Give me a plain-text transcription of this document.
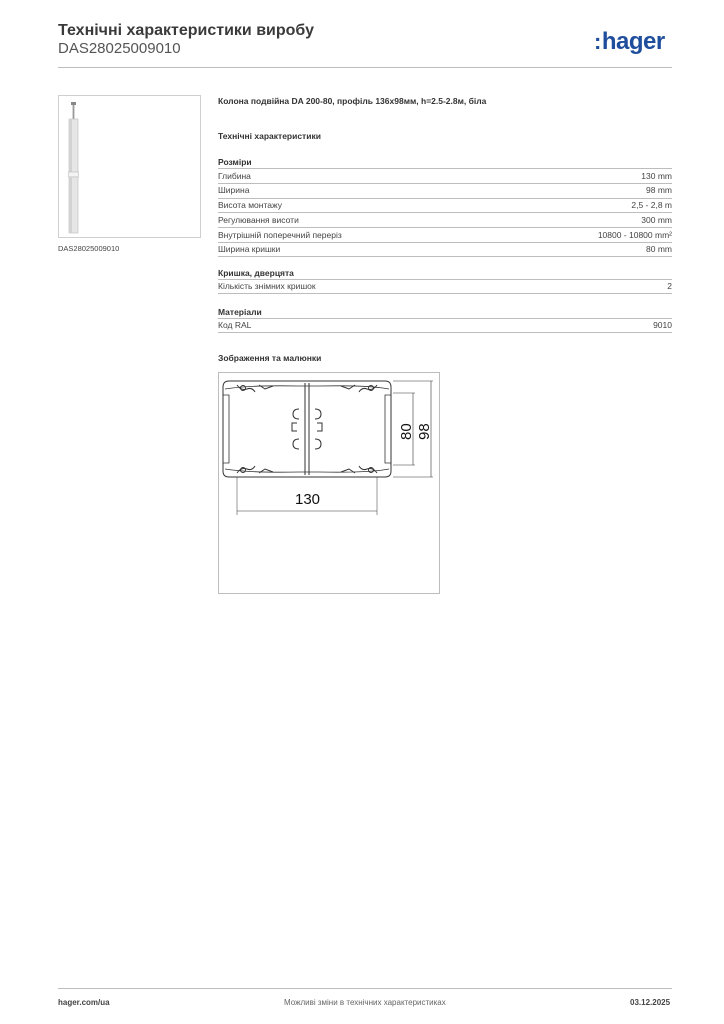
Технічні характеристики виробу
DAS28025009010	:hager
DAS28025009010
Колона подвійна DA 200-80, профіль 136х98мм, h=2.5-2.8м, біла
Технічні характеристики
Розміри
Глибина	130 mm
Ширина	98 mm
Висота монтажу	2,5 - 2,8 m
Регулювання висоти	300 mm
Внутрішній поперечний переріз	10800 - 10800 mm²
Ширина кришки	80 mm
Кришка, дверцята
Кількість знімних кришок	2
Матеріали
Код RAL	9010
Зображення та малюнки
130
80 98
hager.com/ua	Можливі зміни в технічних характеристиках	03.12.2025
